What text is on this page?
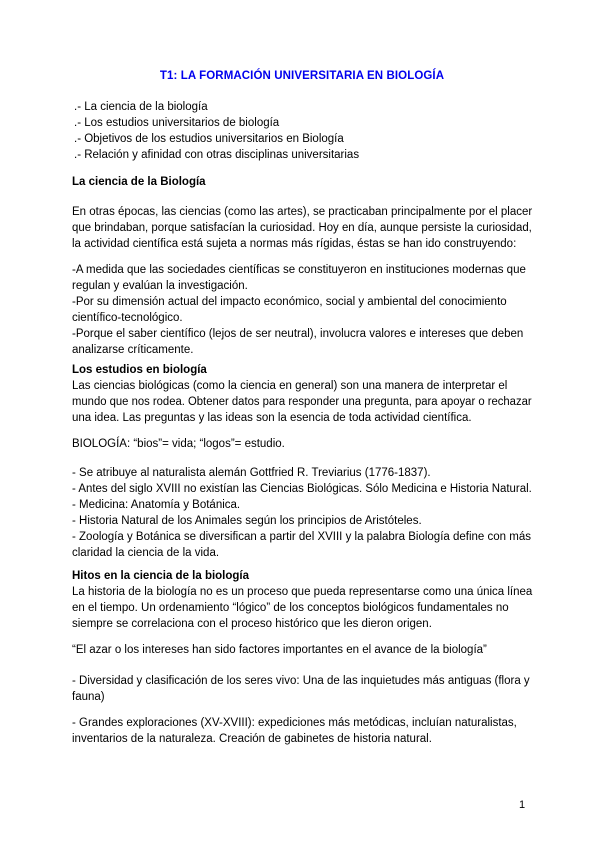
T1: LA FORMACIÓN UNIVERSITARIA EN BIOLOGÍA
.- La ciencia de la biología
.- Los estudios universitarios de biología
.- Objetivos de los estudios universitarios en Biología
.- Relación y afinidad con otras disciplinas universitarias
La ciencia de la Biología
En otras épocas, las ciencias (como las artes), se practicaban principalmente por el placer
que brindaban, porque satisfacían la curiosidad. Hoy en día, aunque persiste la curiosidad,
la actividad científica está sujeta a normas más rígidas, éstas se han ido construyendo:
-A medida que las sociedades científicas se constituyeron en instituciones modernas que
regulan y evalúan la investigación.
-Por su dimensión actual del impacto económico, social y ambiental del conocimiento
científico-tecnológico.
-Porque el saber científico (lejos de ser neutral), involucra valores e intereses que deben
analizarse críticamente.
Los estudios en biología
Las ciencias biológicas (como la ciencia en general) son una manera de interpretar el
mundo que nos rodea. Obtener datos para responder una pregunta, para apoyar o rechazar
una idea. Las preguntas y las ideas son la esencia de toda actividad científica.
BIOLOGÍA: “bios”= vida; “logos”= estudio.
- Se atribuye al naturalista alemán Gottfried R. Treviarius (1776-1837).
- Antes del siglo XVIII no existían las Ciencias Biológicas. Sólo Medicina e Historia Natural.
- Medicina: Anatomía y Botánica.
- Historia Natural de los Animales según los principios de Aristóteles.
- Zoología y Botánica se diversifican a partir del XVIII y la palabra Biología define con más
claridad la ciencia de la vida.
Hitos en la ciencia de la biología
La historia de la biología no es un proceso que pueda representarse como una única línea
en el tiempo. Un ordenamiento “lógico” de los conceptos biológicos fundamentales no
siempre se correlaciona con el proceso histórico que les dieron origen.
“El azar o los intereses han sido factores importantes en el avance de la biología”
- Diversidad y clasificación de los seres vivo: Una de las inquietudes más antiguas (flora y
fauna)
- Grandes exploraciones (XV-XVIII): expediciones más metódicas, incluían naturalistas,
inventarios de la naturaleza. Creación de gabinetes de historia natural.
1
